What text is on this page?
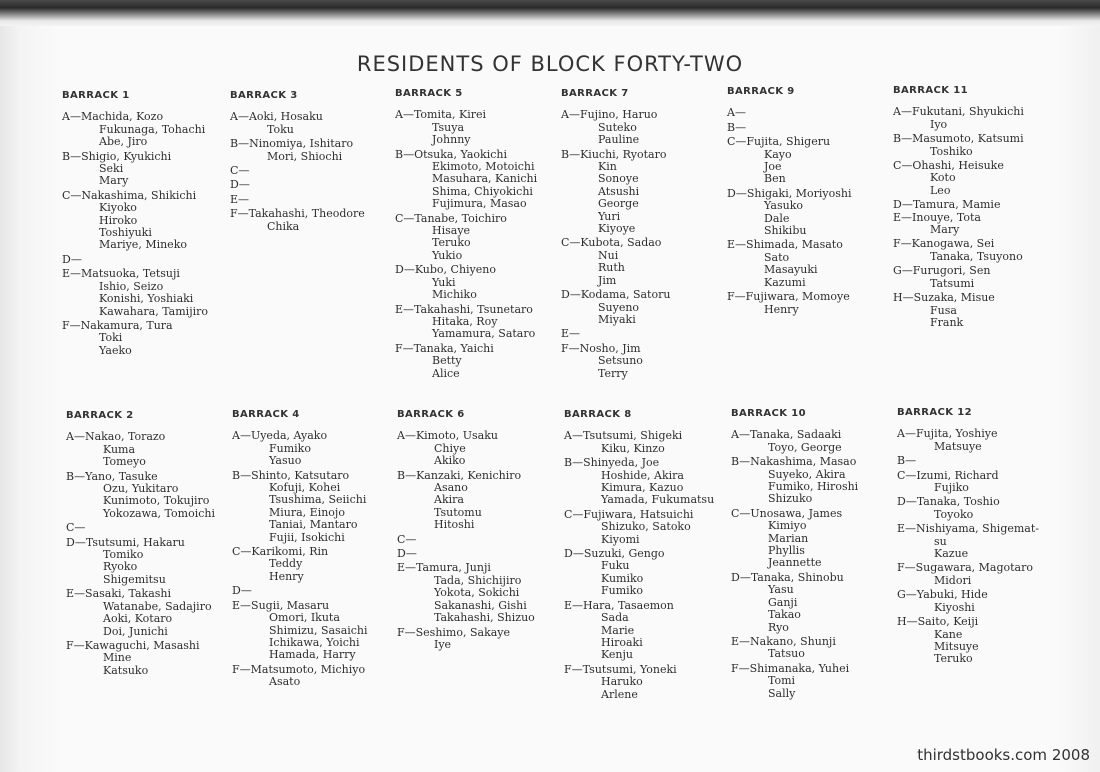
RESIDENTS OF BLOCK FORTY-TWO
BARRACK 1
A—Machida, Kozo
Fukunaga, Tohachi
Abe, Jiro
B—Shigio, Kyukichi
Seki
Mary
C—Nakashima, Shikichi
Kiyoko
Hiroko
Toshiyuki
Mariye, Mineko
D—
E—Matsuoka, Tetsuji
Ishio, Seizo
Konishi, Yoshiaki
Kawahara, Tamijiro
F—Nakamura, Tura
Toki
Yaeko
BARRACK 3
A—Aoki, Hosaku
Toku
B—Ninomiya, Ishitaro
Mori, Shiochi
C—
D—
E—
F—Takahashi, Theodore
Chika
BARRACK 5
A—Tomita, Kirei
Tsuya
Johnny
B—Otsuka, Yaokichi
Ekimoto, Motoichi
Masuhara, Kanichi
Shima, Chiyokichi
Fujimura, Masao
C—Tanabe, Toichiro
Hisaye
Teruko
Yukio
D—Kubo, Chiyeno
Yuki
Michiko
E—Takahashi, Tsunetaro
Hitaka, Roy
Yamamura, Sataro
F—Tanaka, Yaichi
Betty
Alice
BARRACK 7
A—Fujino, Haruo
Suteko
Pauline
B—Kiuchi, Ryotaro
Kin
Sonoye
Atsushi
George
Yuri
Kiyoye
C—Kubota, Sadao
Nui
Ruth
Jim
D—Kodama, Satoru
Suyeno
Miyaki
E—
F—Nosho, Jim
Setsuno
Terry
BARRACK 9
A—
B—
C—Fujita, Shigeru
Kayo
Joe
Ben
D—Shigaki, Moriyoshi
Yasuko
Dale
Shikibu
E—Shimada, Masato
Sato
Masayuki
Kazumi
F—Fujiwara, Momoye
Henry
BARRACK 11
A—Fukutani, Shyukichi
Iyo
B—Masumoto, Katsumi
Toshiko
C—Ohashi, Heisuke
Koto
Leo
D—Tamura, Mamie
E—Inouye, Tota
Mary
F—Kanogawa, Sei
Tanaka, Tsuyono
G—Furugori, Sen
Tatsumi
H—Suzaka, Misue
Fusa
Frank
BARRACK 2
A—Nakao, Torazo
Kuma
Tomeyo
B—Yano, Tasuke
Ozu, Yukitaro
Kunimoto, Tokujiro
Yokozawa, Tomoichi
C—
D—Tsutsumi, Hakaru
Tomiko
Ryoko
Shigemitsu
E—Sasaki, Takashi
Watanabe, Sadajiro
Aoki, Kotaro
Doi, Junichi
F—Kawaguchi, Masashi
Mine
Katsuko
BARRACK 4
A—Uyeda, Ayako
Fumiko
Yasuo
B—Shinto, Katsutaro
Kofuji, Kohei
Tsushima, Seiichi
Miura, Einojo
Taniai, Mantaro
Fujii, Isokichi
C—Karikomi, Rin
Teddy
Henry
D—
E—Sugii, Masaru
Omori, Ikuta
Shimizu, Sasaichi
Ichikawa, Yoichi
Hamada, Harry
F—Matsumoto, Michiyo
Asato
BARRACK 6
A—Kimoto, Usaku
Chiye
Akiko
B—Kanzaki, Kenichiro
Asano
Akira
Tsutomu
Hitoshi
C—
D—
E—Tamura, Junji
Tada, Shichijiro
Yokota, Sokichi
Sakanashi, Gishi
Takahashi, Shizuo
F—Seshimo, Sakaye
Iye
BARRACK 8
A—Tsutsumi, Shigeki
Kiku, Kinzo
B—Shinyeda, Joe
Hoshide, Akira
Kimura, Kazuo
Yamada, Fukumatsu
C—Fujiwara, Hatsuichi
Shizuko, Satoko
Kiyomi
D—Suzuki, Gengo
Fuku
Kumiko
Fumiko
E—Hara, Tasaemon
Sada
Marie
Hiroaki
Kenju
F—Tsutsumi, Yoneki
Haruko
Arlene
BARRACK 10
A—Tanaka, Sadaaki
Toyo, George
B—Nakashima, Masao
Suyeko, Akira
Fumiko, Hiroshi
Shizuko
C—Unosawa, James
Kimiyo
Marian
Phyllis
Jeannette
D—Tanaka, Shinobu
Yasu
Ganji
Takao
Ryo
E—Nakano, Shunji
Tatsuo
F—Shimanaka, Yuhei
Tomi
Sally
BARRACK 12
A—Fujita, Yoshiye
Matsuye
B—
C—Izumi, Richard
Fujiko
D—Tanaka, Toshio
Toyoko
E—Nishiyama, Shigemat-
su
Kazue
F—Sugawara, Magotaro
Midori
G—Yabuki, Hide
Kiyoshi
H—Saito, Keiji
Kane
Mitsuye
Teruko
thirdstbooks.com 2008
